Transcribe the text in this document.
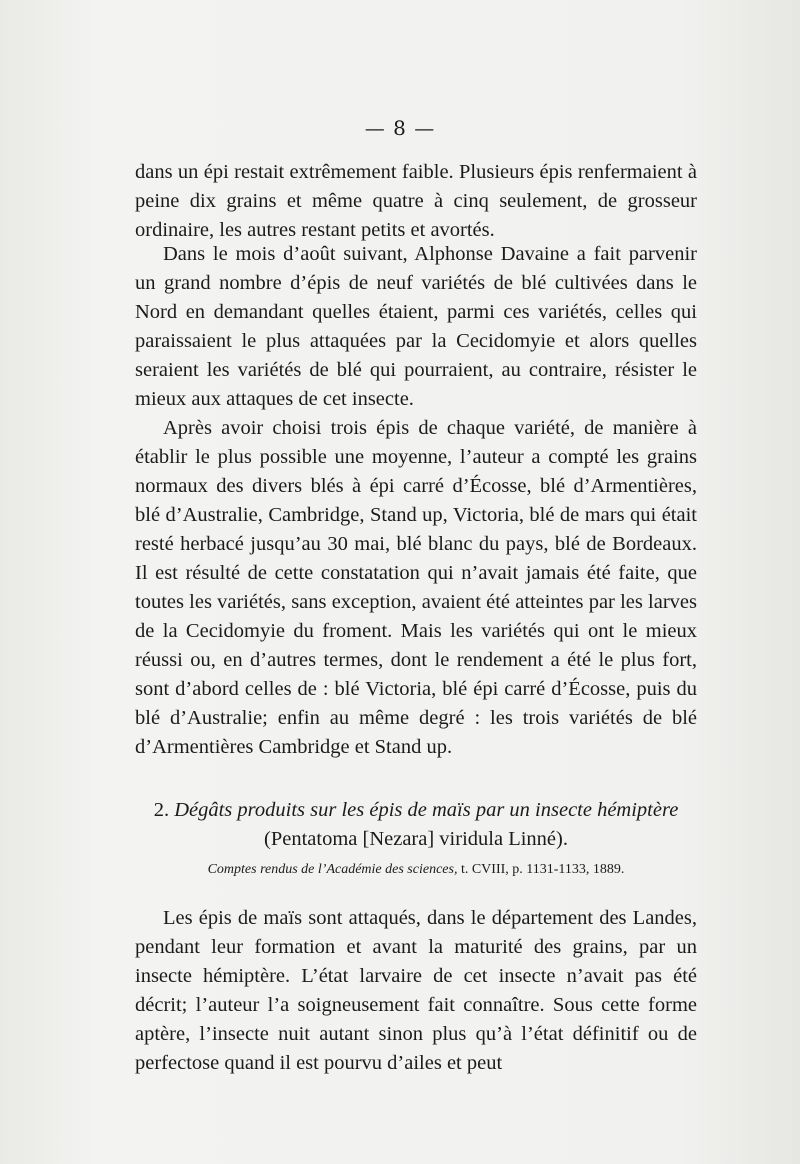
— 8 —
dans un épi restait extrêmement faible. Plusieurs épis renfermaient à peine dix grains et même quatre à cinq seulement, de grosseur ordinaire, les autres restant petits et avortés.
Dans le mois d’août suivant, Alphonse Davaine a fait parvenir un grand nombre d’épis de neuf variétés de blé cultivées dans le Nord en demandant quelles étaient, parmi ces variétés, celles qui paraissaient le plus attaquées par la Cecidomyie et alors quelles seraient les variétés de blé qui pourraient, au contraire, résister le mieux aux attaques de cet insecte.
Après avoir choisi trois épis de chaque variété, de manière à établir le plus possible une moyenne, l’auteur a compté les grains normaux des divers blés à épi carré d’Écosse, blé d’Armentières, blé d’Australie, Cambridge, Stand up, Victoria, blé de mars qui était resté herbacé jusqu’au 30 mai, blé blanc du pays, blé de Bordeaux. Il est résulté de cette constatation qui n’avait jamais été faite, que toutes les variétés, sans exception, avaient été atteintes par les larves de la Cecidomyie du froment. Mais les variétés qui ont le mieux réussi ou, en d’autres termes, dont le rendement a été le plus fort, sont d’abord celles de : blé Victoria, blé épi carré d’Écosse, puis du blé d’Australie; enfin au même degré : les trois variétés de blé d’Armentières Cambridge et Stand up.
2. Dégâts produits sur les épis de maïs par un insecte hémiptère
(Pentatoma [Nezara] viridula Linné).
Comptes rendus de l’Académie des sciences, t. CVIII, p. 1131-1133, 1889.
Les épis de maïs sont attaqués, dans le département des Landes, pendant leur formation et avant la maturité des grains, par un insecte hémiptère. L’état larvaire de cet insecte n’avait pas été décrit; l’auteur l’a soigneusement fait connaître. Sous cette forme aptère, l’insecte nuit autant sinon plus qu’à l’état définitif ou de perfectose quand il est pourvu d’ailes et peut
